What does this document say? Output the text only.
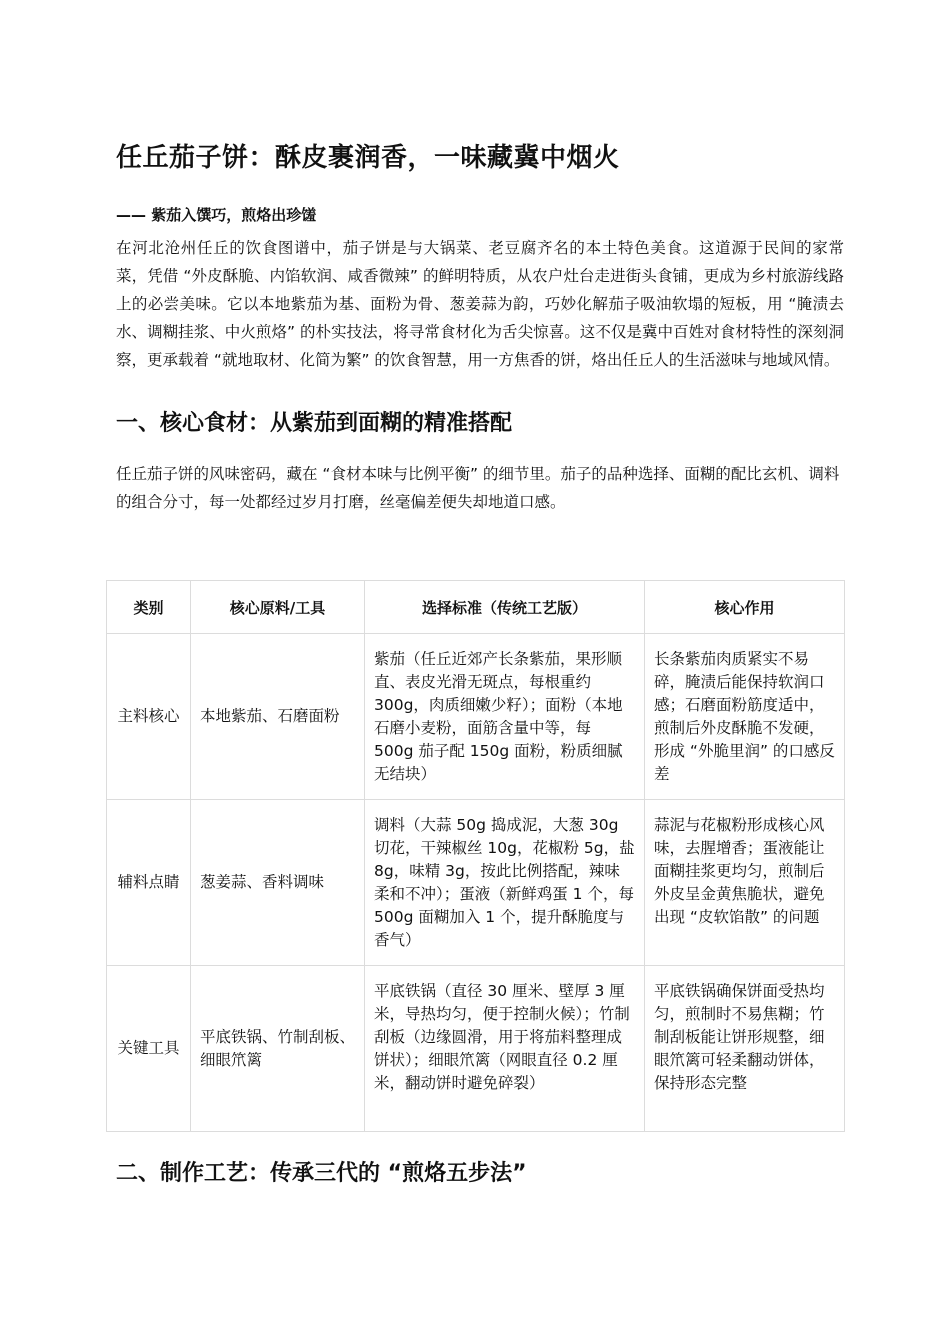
任丘茄子饼：酥皮裹润香，一味藏冀中烟火

—— 紫茄入馔巧，煎烙出珍馐

在河北沧州任丘的饮食图谱中，茄子饼是与大锅菜、老豆腐齐名的本土特色美食。这道源于民间的家常菜，凭借 “外皮酥脆、内馅软润、咸香微辣” 的鲜明特质，从农户灶台走进街头食铺，更成为乡村旅游线路上的必尝美味。它以本地紫茄为基、面粉为骨、葱姜蒜为韵，巧妙化解茄子吸油软塌的短板，用 “腌渍去水、调糊挂浆、中火煎烙” 的朴实技法，将寻常食材化为舌尖惊喜。这不仅是冀中百姓对食材特性的深刻洞察，更承载着 “就地取材、化简为繁” 的饮食智慧，用一方焦香的饼，烙出任丘人的生活滋味与地域风情。

一、核心食材：从紫茄到面糊的精准搭配

任丘茄子饼的风味密码，藏在 “食材本味与比例平衡” 的细节里。茄子的品种选择、面糊的配比玄机、调料的组合分寸，每一处都经过岁月打磨，丝毫偏差便失却地道口感。

类别	核心原料/工具	选择标准（传统工艺版）	核心作用
主料核心	本地紫茄、石磨面粉	紫茄（任丘近郊产长条紫茄，果形顺直、表皮光滑无斑点，每根重约 300g，肉质细嫩少籽）；面粉（本地石磨小麦粉，面筋含量中等，每 500g 茄子配 150g 面粉，粉质细腻无结块）	长条紫茄肉质紧实不易碎，腌渍后能保持软润口感；石磨面粉筋度适中，煎制后外皮酥脆不发硬，形成 “外脆里润” 的口感反差
辅料点睛	葱姜蒜、香料调味	调料（大蒜 50g 捣成泥，大葱 30g 切花，干辣椒丝 10g，花椒粉 5g，盐 8g，味精 3g，按此比例搭配，辣味柔和不冲）；蛋液（新鲜鸡蛋 1 个，每 500g 面糊加入 1 个，提升酥脆度与香气）	蒜泥与花椒粉形成核心风味，去腥增香；蛋液能让面糊挂浆更均匀，煎制后外皮呈金黄焦脆状，避免出现 “皮软馅散” 的问题
关键工具	平底铁锅、竹制刮板、细眼笊篱	平底铁锅（直径 30 厘米、壁厚 3 厘米，导热均匀，便于控制火候）；竹制刮板（边缘圆滑，用于将茄料整理成饼状）；细眼笊篱（网眼直径 0.2 厘米，翻动饼时避免碎裂）	平底铁锅确保饼面受热均匀，煎制时不易焦糊；竹制刮板能让饼形规整，细眼笊篱可轻柔翻动饼体，保持形态完整
二、制作工艺：传承三代的 “煎烙五步法”
